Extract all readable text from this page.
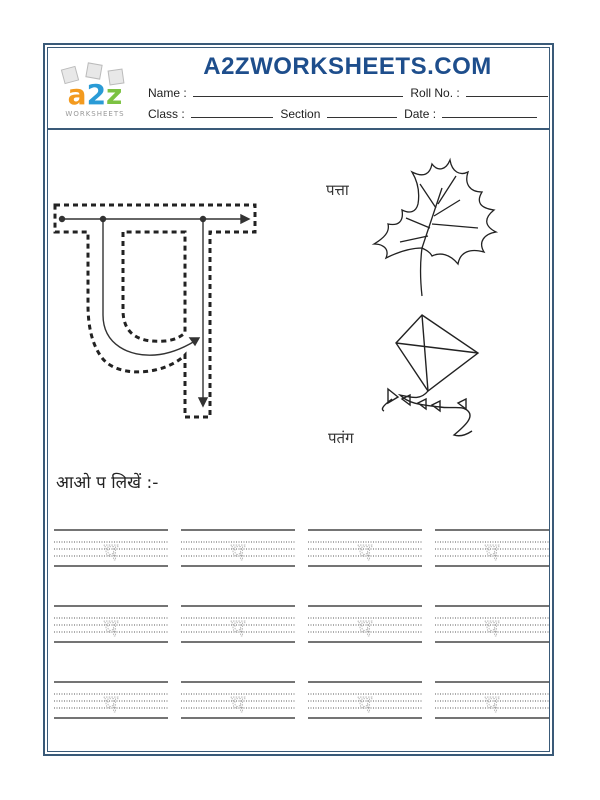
a2z
WORKSHEETS
A2ZWORKSHEETS.COM
Name :	Roll No. :
Class :	Section	Date :
पत्ता
पतंग
आओ प लिखें :-
प	प	प	प
प	प	प	प
प	प	प	प
